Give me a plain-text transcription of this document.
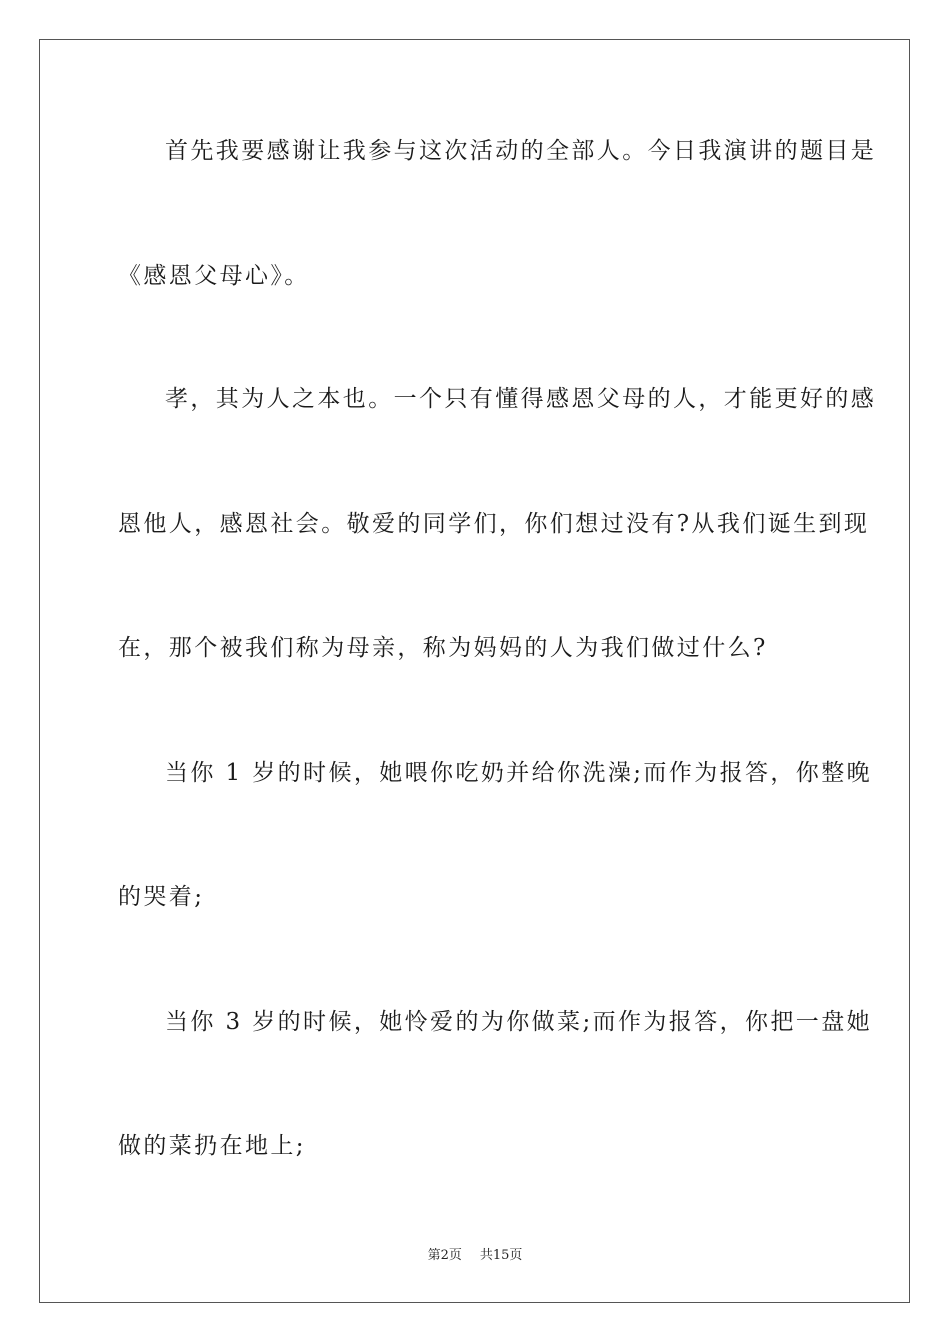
首先我要感谢让我参与这次活动的全部人。今日我演讲的题目是
《感恩父母心》。
孝，其为人之本也。一个只有懂得感恩父母的人，才能更好的感
恩他人，感恩社会。敬爱的同学们，你们想过没有?从我们诞生到现
在，那个被我们称为母亲，称为妈妈的人为我们做过什么?
当你 1 岁的时候，她喂你吃奶并给你洗澡;而作为报答，你整晚
的哭着;
当你 3 岁的时候，她怜爱的为你做菜;而作为报答，你把一盘她
做的菜扔在地上;
第2页 共15页
